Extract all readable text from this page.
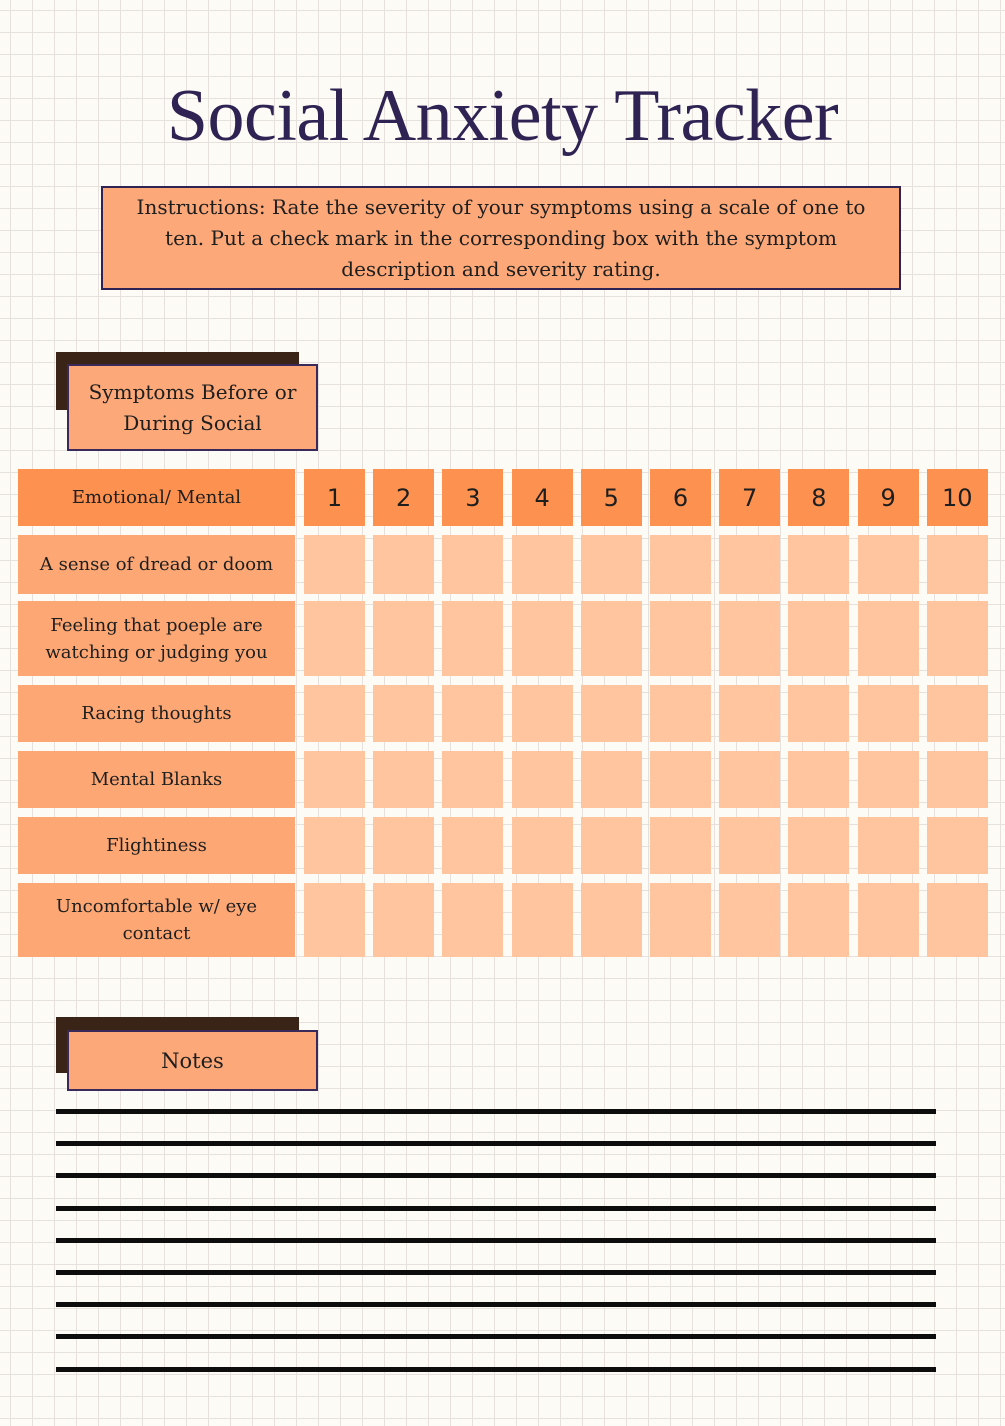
Social Anxiety Tracker
Instructions: Rate the severity of your symptoms using a scale of one to ten. Put a check mark in the corresponding box with the symptom description and severity rating.
Symptoms Before or During Social
Emotional/ Mental	1	2	3	4	5	6	7	8	9	10
A sense of dread or doom
Feeling that poeple are watching or judging you
Racing thoughts
Mental Blanks
Flightiness
Uncomfortable w/ eye contact
Notes
